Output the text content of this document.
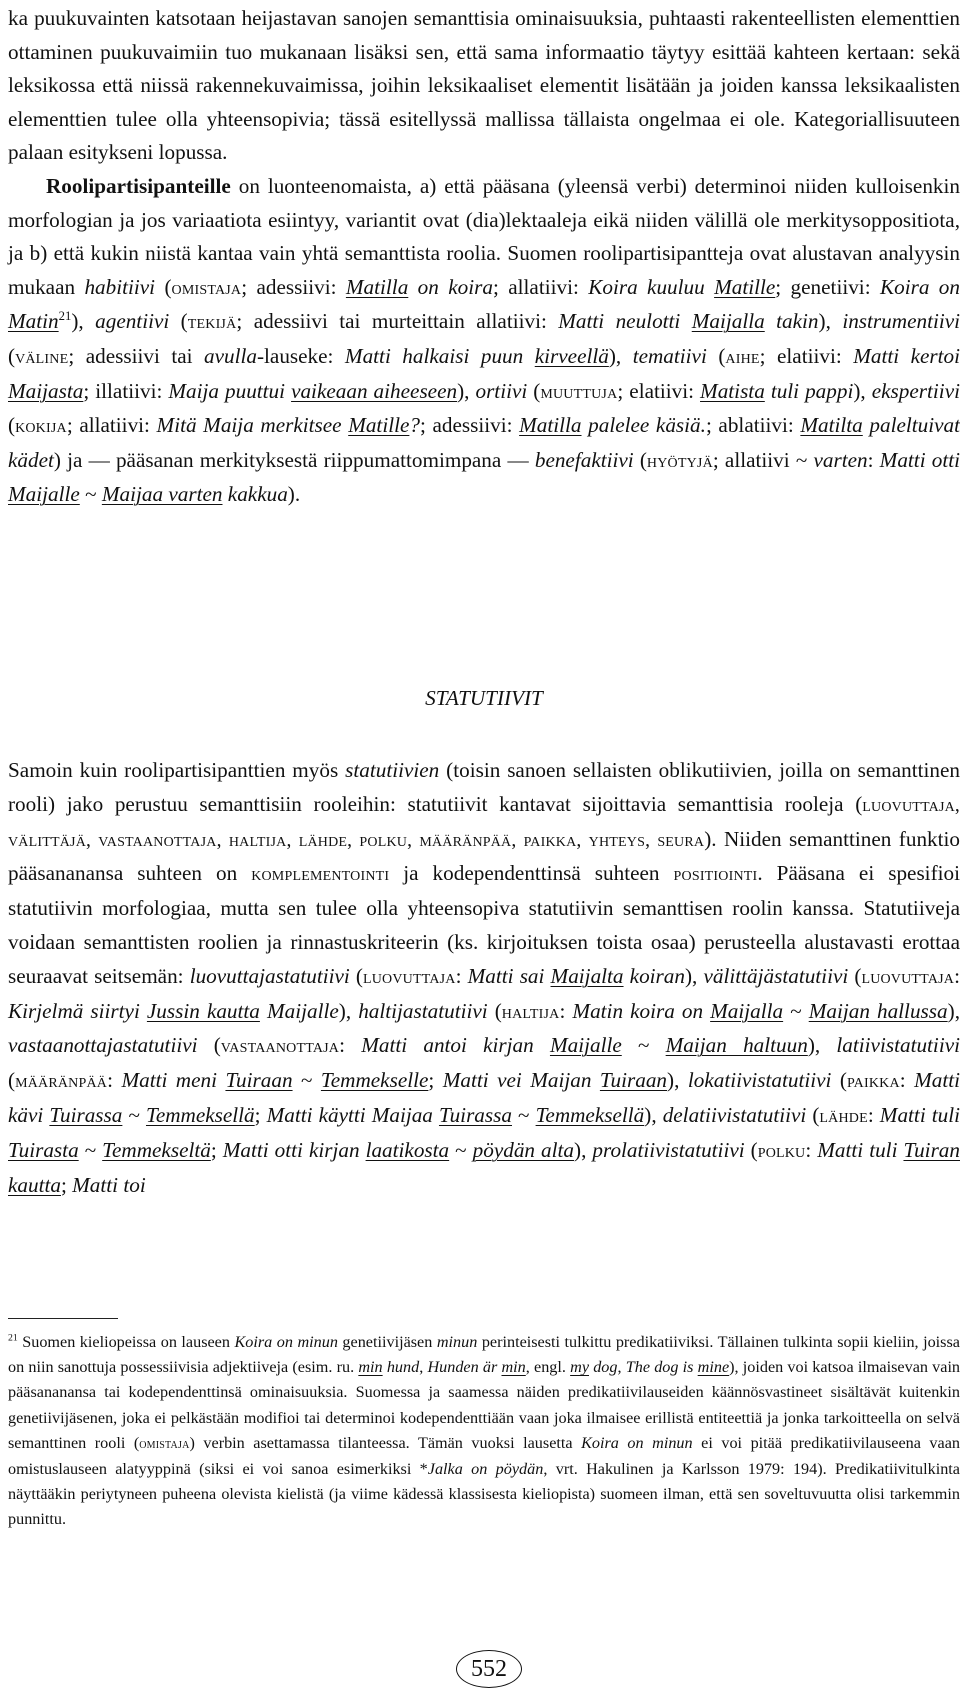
ka puukuvainten katsotaan heijastavan sanojen semanttisia ominaisuuksia, puhtaasti rakenteellisten elementtien ottaminen puukuvaimiin tuo mukanaan lisäksi sen, että sama informaatio täytyy esittää kahteen kertaan: sekä leksikossa että niissä rakennekuvaimissa, joihin leksikaaliset elementit lisätään ja joiden kanssa leksikaalisten elementtien tulee olla yhteensopivia; tässä esitellyssä mallissa tällaista ongelmaa ei ole. Kategoriallisuuteen palaan esitykseni lopussa.

Roolipartisipanteille on luonteenomaista, a) että pääsana (yleensä verbi) determinoi niiden kulloisenkin morfologian ja jos variaatiota esiintyy, variantit ovat (dia)lektaaleja eikä niiden välillä ole merkitysoppositiota, ja b) että kukin niistä kantaa vain yhtä semanttista roolia. Suomen roolipartisipantteja ovat alustavan analyysin mukaan habitiivi (omistaja; adessiivi: Matilla on koira; allatiivi: Koira kuuluu Matille; genetiivi: Koira on Matin$^{21}$), agentiivi (tekijä; adessiivi tai murteittain allatiivi: Matti neulotti Maijalla takin), instrumentiivi (väline; adessiivi tai avulla-lauseke: Matti halkaisi puun kirveellä), tematiivi (aihe; elatiivi: Matti kertoi Maijasta; illatiivi: Maija puuttui vaikeaan aiheeseen), ortiivi (muuttuja; elatiivi: Matista tuli pappi), ekspertiivi (kokija; allatiivi: Mitä Maija merkitsee Matille?; adessiivi: Matilla palelee käsiä.; ablatiivi: Matilta paleltuivat kädet) ja — pääsanan merkityksestä riippumattomimpana — benefaktiivi (hyötyjä; allatiivi ~ varten: Matti otti Maijalle ~ Maijaa varten kakkua).

STATUTIIVIT

Samoin kuin roolipartisipanttien myös statutiivien (toisin sanoen sellaisten oblikutiivien, joilla on semanttinen rooli) jako perustuu semanttisiin rooleihin: statutiivit kantavat sijoittavia semanttisia rooleja (luovuttaja, välittäjä, vastaanottaja, haltija, lähde, polku, määränpää, paikka, yhteys, seura). Niiden semanttinen funktio pääsananansa suhteen on komplementointi ja kodependenttinsä suhteen positiointi. Pääsana ei spesifioi statutiivin morfologiaa, mutta sen tulee olla yhteensopiva statutiivin semanttisen roolin kanssa. Statutiiveja voidaan semanttisten roolien ja rinnastuskriteerin (ks. kirjoituksen toista osaa) perusteella alustavasti erottaa seuraavat seitsemän: luovuttajastatutiivi (luovuttaja: Matti sai Maijalta koiran), välittäjästatutiivi (luovuttaja: Kirjelmä siirtyi Jussin kautta Maijalle), haltijastatutiivi (haltija: Matin koira on Maijalla ~ Maijan hallussa), vastaanottajastatutiivi (vastaanottaja: Matti antoi kirjan Maijalle ~ Maijan haltuun), latiivistatutiivi (määränpää: Matti meni Tuiraan ~ Temmekselle; Matti vei Maijan Tuiraan), lokatiivistatutiivi (paikka: Matti kävi Tuirassa ~ Temmeksellä; Matti käytti Maijaa Tuirassa ~ Temmeksellä), delatiivistatutiivi (lähde: Matti tuli Tuirasta ~ Temmekseltä; Matti otti kirjan laatikosta ~ pöydän alta), prolatiivistatutiivi (polku: Matti tuli Tuiran kautta; Matti toi

$^{21}$ Suomen kieliopeissa on lauseen Koira on minun genetiivijäsen minun perinteisesti tulkittu predikatiiviksi. Tällainen tulkinta sopii kieliin, joissa on niin sanottuja possessiivisia adjektiiveja (esim. ru. min hund, Hunden är min, engl. my dog, The dog is mine), joiden voi katsoa ilmaisevan vain pääsananansa tai kodependenttinsä ominaisuuksia. Suomessa ja saamessa näiden predikatiivilauseiden käännösvastineet sisältävät kuitenkin genetiivijäsenen, joka ei pelkästään modifioi tai determinoi kodependenttiään vaan joka ilmaisee erillistä entiteettiä ja jonka tarkoitteella on selvä semanttinen rooli (omistaja) verbin asettamassa tilanteessa. Tämän vuoksi lausetta Koira on minun ei voi pitää predikatiivilauseena vaan omistuslauseen alatyyppinä (siksi ei voi sanoa esimerkiksi *Jalka on pöydän, vrt. Hakulinen ja Karlsson 1979: 194). Predikatiivitulkinta näyttääkin periytyneen puheena olevista kielistä (ja viime kädessä klassisesta kieliopista) suomeen ilman, että sen soveltuvuutta olisi tarkemmin punnittu.

552
